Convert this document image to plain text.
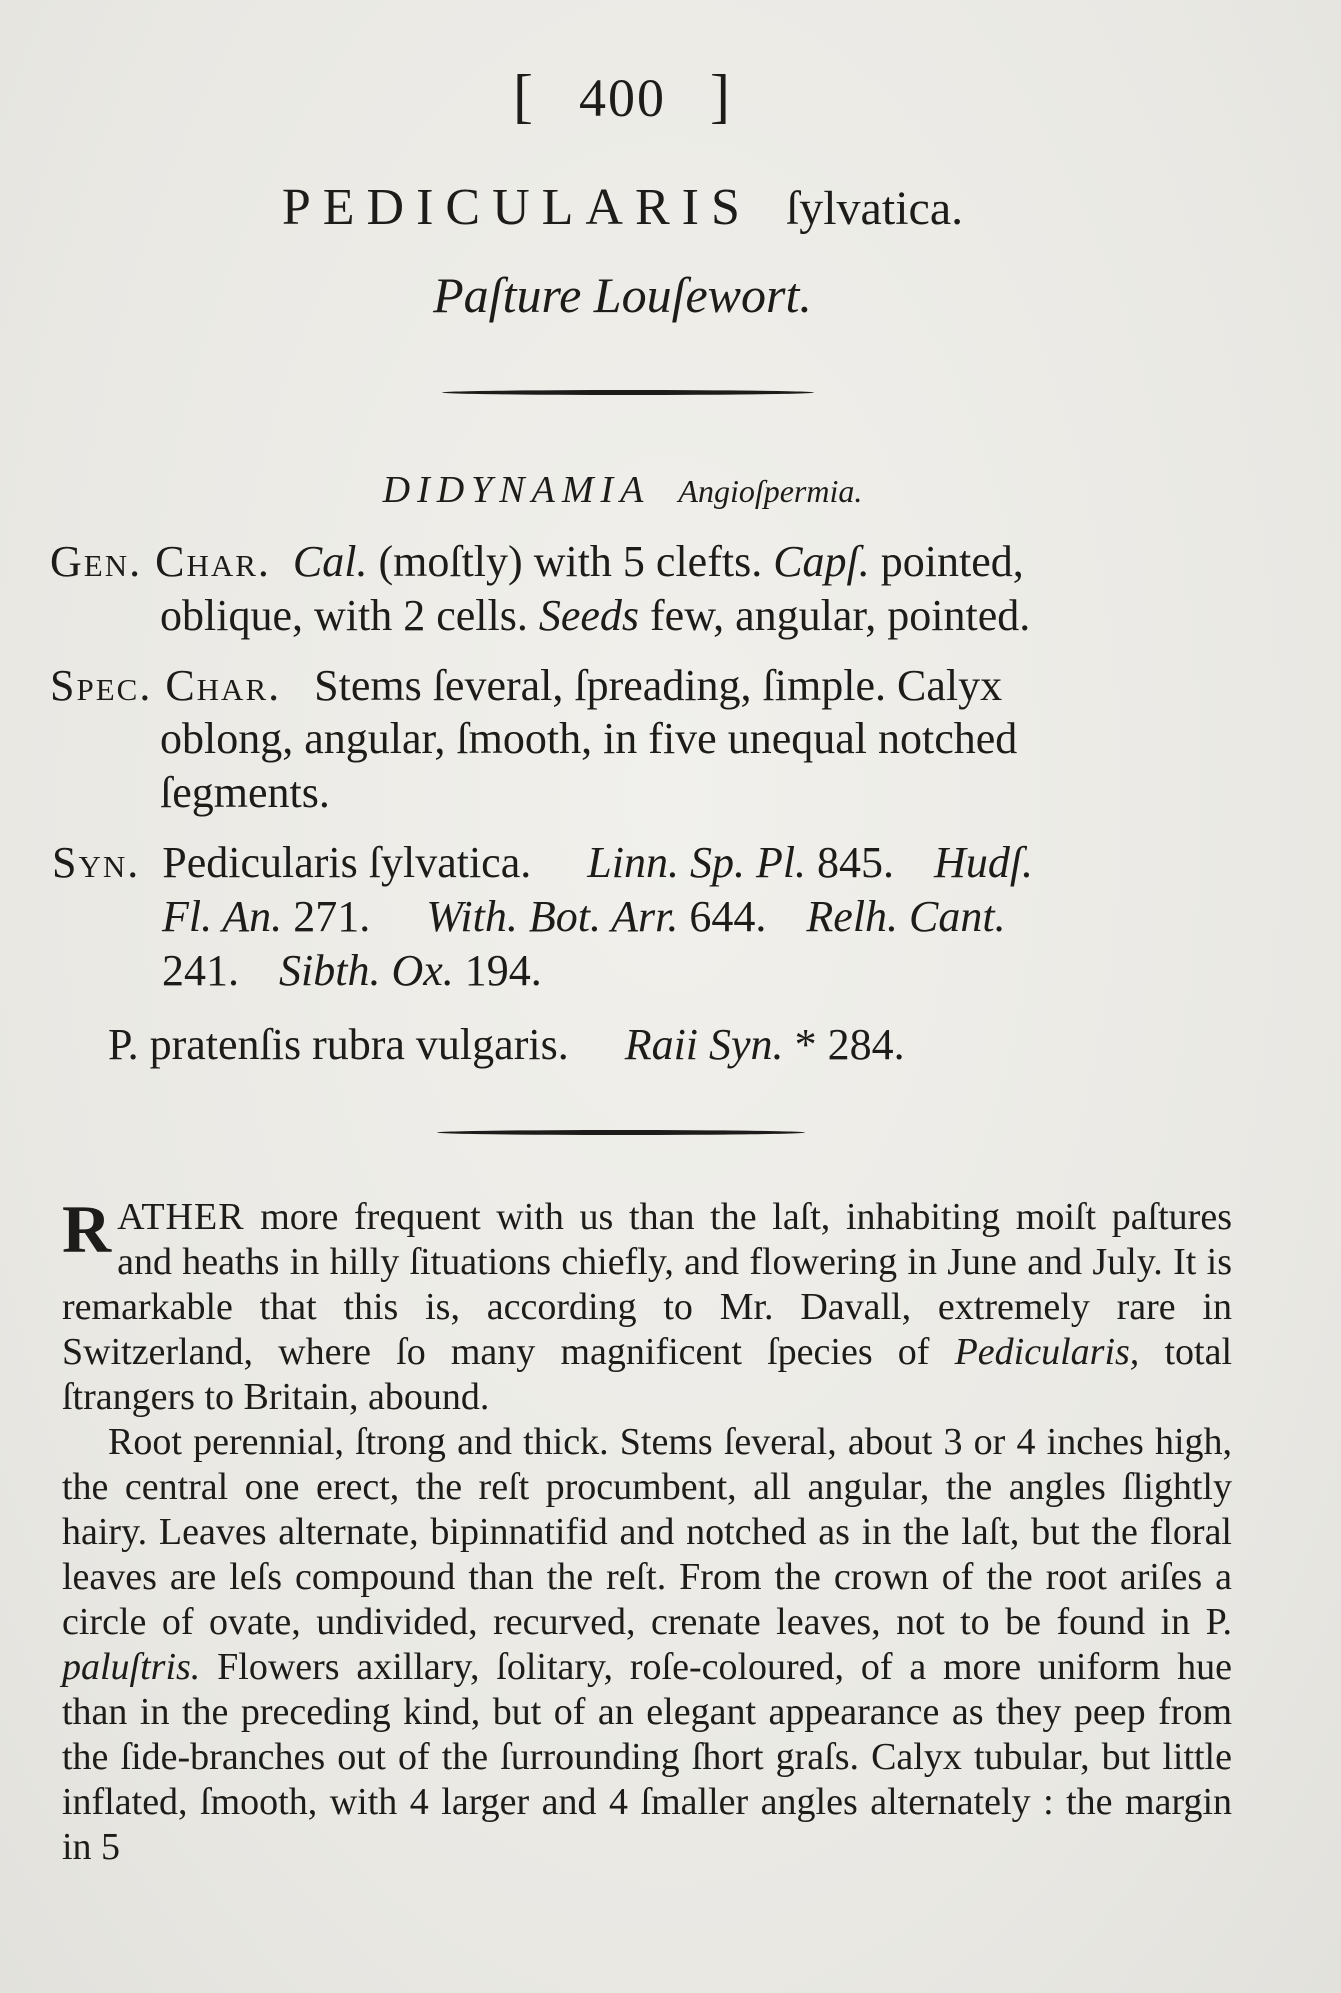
[ 400 ]
PEDICULARIS ſylvatica.
Paſture Louſewort.
DIDYNAMIA Angioſpermia.
Gen. Char. Cal. (moſtly) with 5 clefts. Capſ. pointed,
oblique, with 2 cells. Seeds few, angular, pointed.
Spec. Char. Stems ſeveral, ſpreading, ſimple. Calyx
oblong, angular, ſmooth, in five unequal notched
ſegments.
Syn. Pedicularis ſylvatica. Linn. Sp. Pl. 845. Hudſ.
Fl. An. 271. With. Bot. Arr. 644. Relh. Cant.
241. Sibth. Ox. 194.
P. pratenſis rubra vulgaris. Raii Syn. * 284.

RATHER more frequent with us than the laſt, inhabiting moiſt paſtures and heaths in hilly ſituations chiefly, and flowering in June and July. It is remarkable that this is, according to Mr. Davall, extremely rare in Switzerland, where ſo many magnificent ſpecies of Pedicularis, total ſtrangers to Britain, abound.

Root perennial, ſtrong and thick. Stems ſeveral, about 3 or 4 inches high, the central one erect, the reſt procumbent, all angular, the angles ſlightly hairy. Leaves alternate, bipinnatifid and notched as in the laſt, but the floral leaves are leſs compound than the reſt. From the crown of the root ariſes a circle of ovate, undivided, recurved, crenate leaves, not to be found in P. paluſtris. Flowers axillary, ſolitary, roſe-coloured, of a more uniform hue than in the preceding kind, but of an elegant appearance as they peep from the ſide-branches out of the ſurrounding ſhort graſs. Calyx tubular, but little inflated, ſmooth, with 4 larger and 4 ſmaller angles alternately : the margin in 5
